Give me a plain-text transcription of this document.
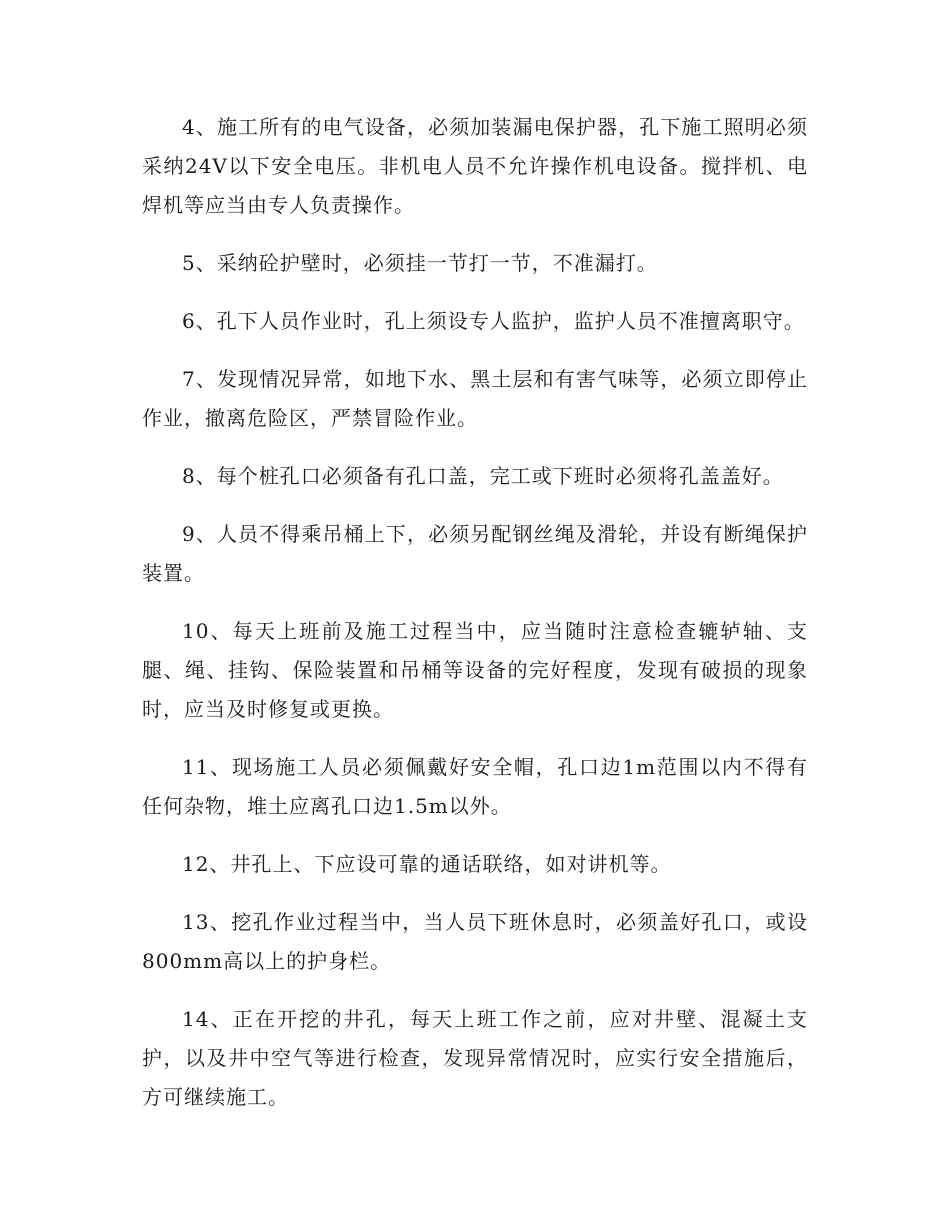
4、施工所有的电气设备，必须加装漏电保护器，孔下施工照明必须采纳24V以下安全电压。非机电人员不允许操作机电设备。搅拌机、电焊机等应当由专人负责操作。

5、采纳砼护壁时，必须挂一节打一节，不准漏打。

6、孔下人员作业时，孔上须设专人监护，监护人员不准擅离职守。

7、发现情况异常，如地下水、黑土层和有害气味等，必须立即停止作业，撤离危险区，严禁冒险作业。

8、每个桩孔口必须备有孔口盖，完工或下班时必须将孔盖盖好。

9、人员不得乘吊桶上下，必须另配钢丝绳及滑轮，并设有断绳保护装置。

10、每天上班前及施工过程当中，应当随时注意检查辘轳轴、支腿、绳、挂钩、保险装置和吊桶等设备的完好程度，发现有破损的现象时，应当及时修复或更换。

11、现场施工人员必须佩戴好安全帽，孔口边1m范围以内不得有任何杂物，堆土应离孔口边1.5m以外。

12、井孔上、下应设可靠的通话联络，如对讲机等。

13、挖孔作业过程当中，当人员下班休息时，必须盖好孔口，或设800mm高以上的护身栏。

14、正在开挖的井孔，每天上班工作之前，应对井壁、混凝土支护，以及井中空气等进行检查，发现异常情况时，应实行安全措施后，方可继续施工。
